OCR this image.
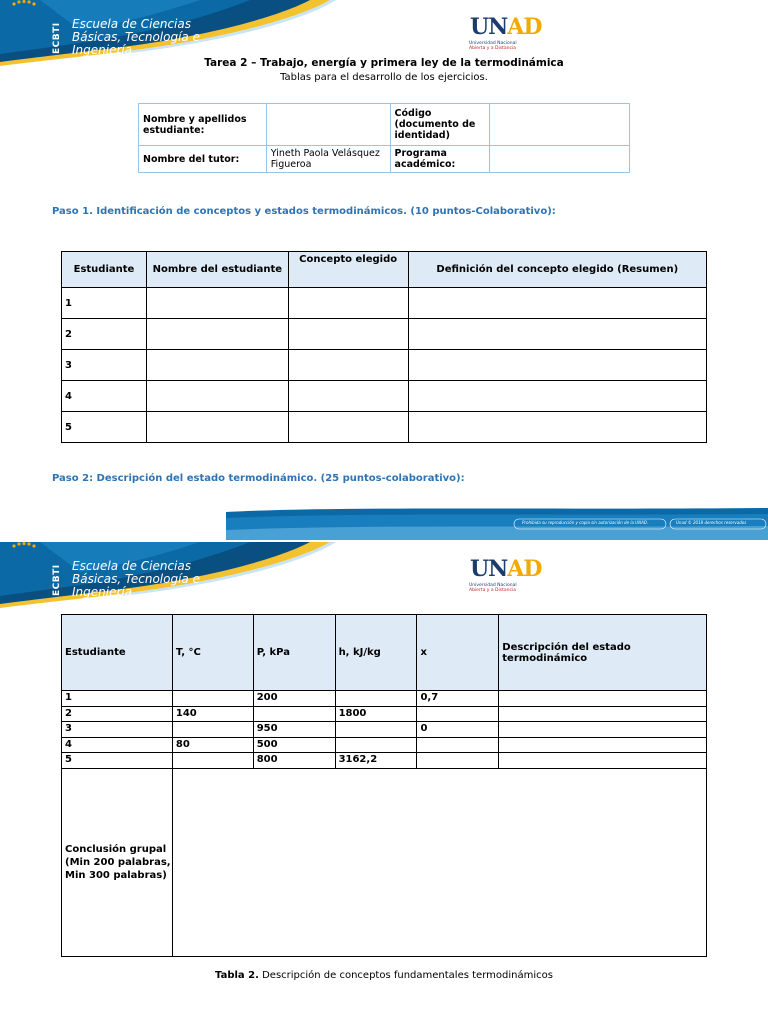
ECBTI Escuela de Ciencias
Básicas, Tecnología e
Ingeniería
UNAD
Universidad Nacional
Abierta y a Distancia
Tarea 2 – Trabajo, energía y primera ley de la termodinámica
Tablas para el desarrollo de los ejercicios.
Nombre y apellidos estudiante:		Código (documento de identidad)	
Nombre del tutor:	Yineth Paola Velásquez Figueroa	Programa académico:	
Paso 1. Identificación de conceptos y estados termodinámicos. (10 puntos-Colaborativo):
Estudiante	Nombre del estudiante	Concepto elegido	Definición del concepto elegido (Resumen)
1			
2			
3			
4			
5			
Paso 2: Descripción del estado termodinámico. (25 puntos-colaborativo):
Prohibida su reproducción y copia sin autorización de la UNAD.	Unad © 2018 derechos reservados
ECBTI Escuela de Ciencias
Básicas, Tecnología e
Ingeniería
UNAD
Universidad Nacional
Abierta y a Distancia
Estudiante	T, °C	P, kPa	h, kJ/kg	x	Descripción del estado termodinámico
1		200		0,7	
2	140		1800		
3		950		0	
4	80	500			
5		800	3162,2		
Conclusión grupal (Min 200 palabras, Min 300 palabras)					
Tabla 2. Descripción de conceptos fundamentales termodinámicos
